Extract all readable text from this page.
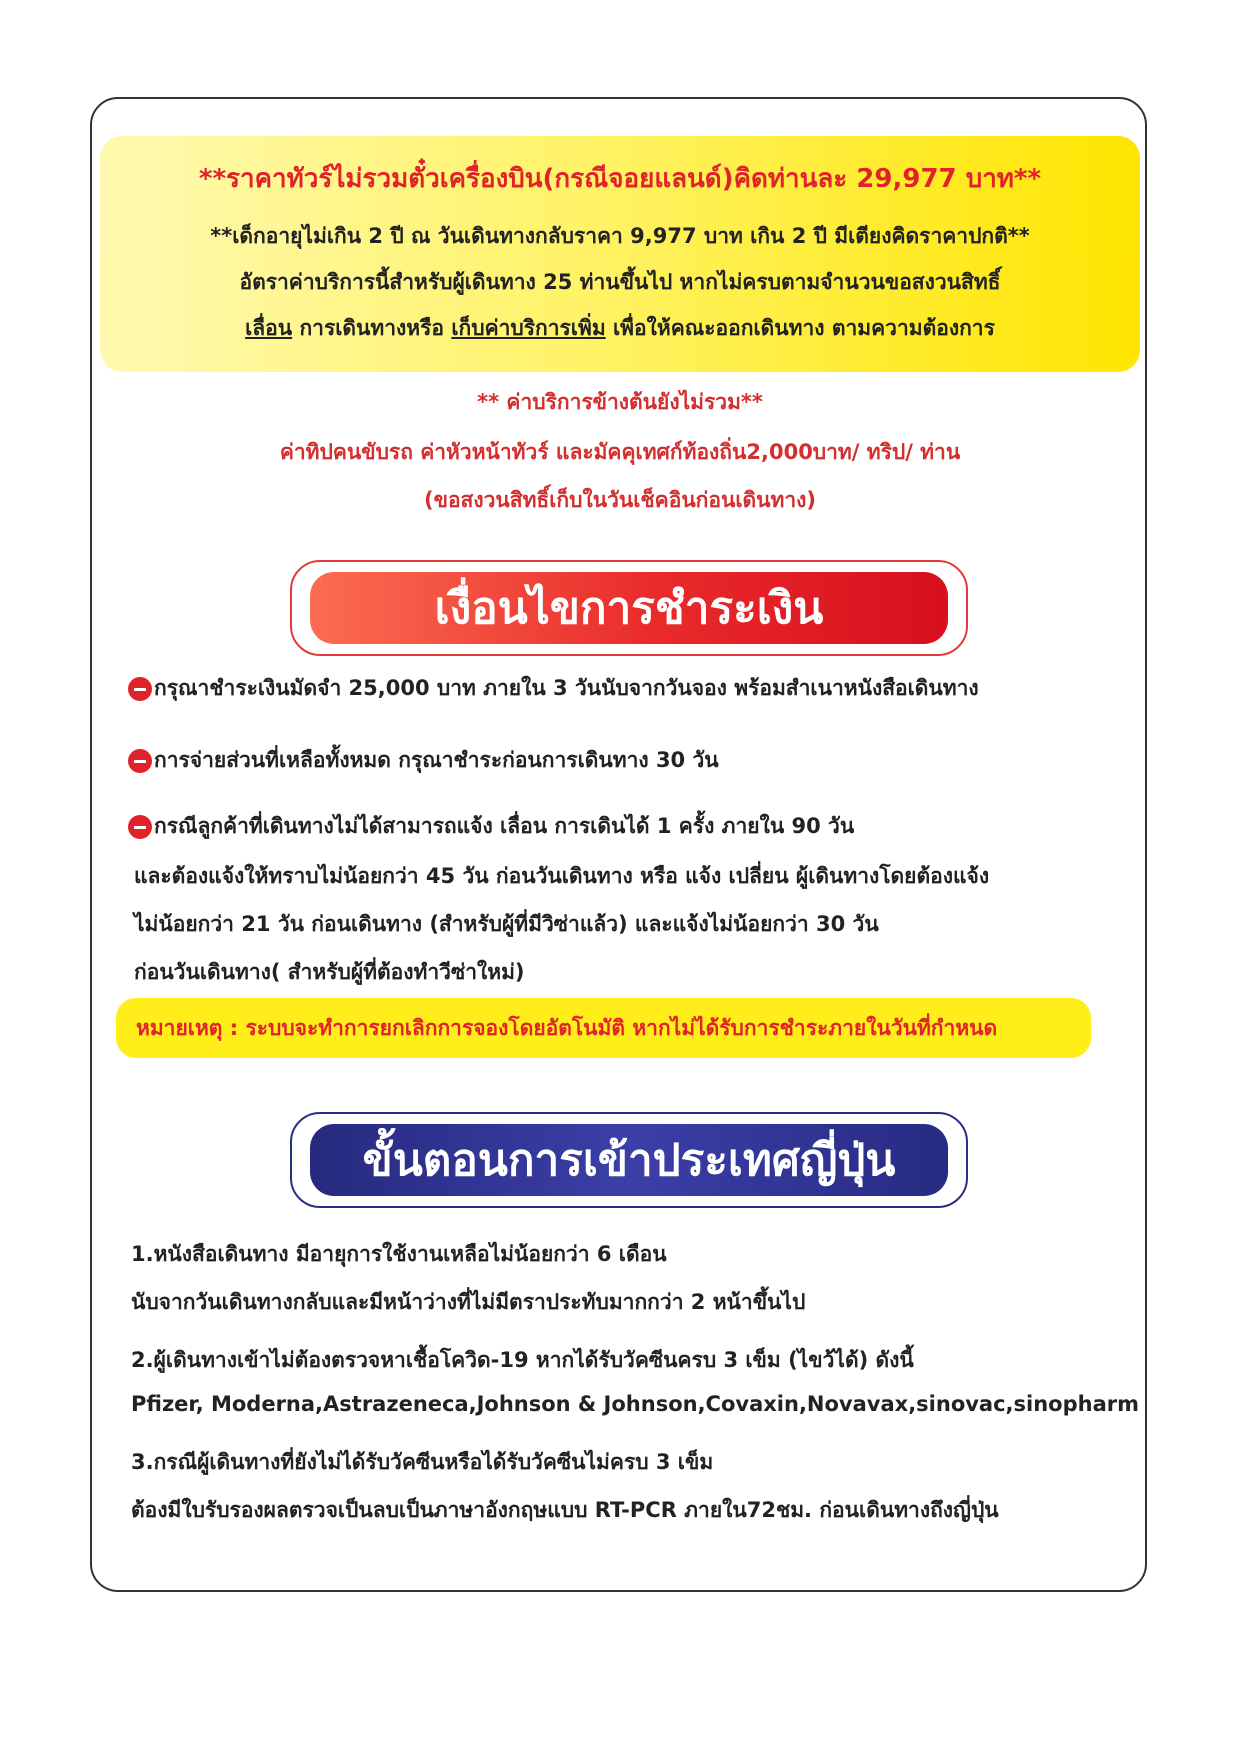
**ราคาทัวร์ไม่รวมตั๋วเครื่องบิน(กรณีจอยแลนด์)คิดท่านละ 29,977 บาท**
**เด็กอายุไม่เกิน 2 ปี ณ วันเดินทางกลับราคา 9,977 บาท เกิน 2 ปี มีเตียงคิดราคาปกติ**
อัตราค่าบริการนี้สำหรับผู้เดินทาง 25 ท่านขึ้นไป หากไม่ครบตามจำนวนขอสงวนสิทธิ์
เลื่อน การเดินทางหรือ เก็บค่าบริการเพิ่ม เพื่อให้คณะออกเดินทาง ตามความต้องการ
** ค่าบริการข้างต้นยังไม่รวม**
ค่าทิปคนขับรถ ค่าหัวหน้าทัวร์ และมัคคุเทศก์ท้องถิ่น2,000บาท/ ทริป/ ท่าน
(ขอสงวนสิทธิ์เก็บในวันเช็คอินก่อนเดินทาง)
เงื่อนไขการชำระเงิน
กรุณาชำระเงินมัดจำ 25,000 บาท ภายใน 3 วันนับจากวันจอง พร้อมสำเนาหนังสือเดินทาง
การจ่ายส่วนที่เหลือทั้งหมด กรุณาชำระก่อนการเดินทาง 30 วัน
กรณีลูกค้าที่เดินทางไม่ได้สามารถแจ้ง เลื่อน การเดินได้ 1 ครั้ง ภายใน 90 วัน
และต้องแจ้งให้ทราบไม่น้อยกว่า 45 วัน ก่อนวันเดินทาง หรือ แจ้ง เปลี่ยน ผู้เดินทางโดยต้องแจ้ง
ไม่น้อยกว่า 21 วัน ก่อนเดินทาง (สำหรับผู้ที่มีวิซ่าแล้ว) และแจ้งไม่น้อยกว่า 30 วัน
ก่อนวันเดินทาง( สำหรับผู้ที่ต้องทำวีซ่าใหม่)
หมายเหตุ : ระบบจะทำการยกเลิกการจองโดยอัตโนมัติ หากไม่ได้รับการชำระภายในวันที่กำหนด
ขั้นตอนการเข้าประเทศญี่ปุ่น
1.หนังสือเดินทาง มีอายุการใช้งานเหลือไม่น้อยกว่า 6 เดือน
นับจากวันเดินทางกลับและมีหน้าว่างที่ไม่มีตราประทับมากกว่า 2 หน้าขึ้นไป
2.ผู้เดินทางเข้าไม่ต้องตรวจหาเชื้อโควิด-19 หากได้รับวัคซีนครบ 3 เข็ม (ไขว้ได้) ดังนี้
Pfizer, Moderna,Astrazeneca,Johnson & Johnson,Covaxin,Novavax,sinovac,sinopharm
3.กรณีผู้เดินทางที่ยังไม่ได้รับวัคซีนหรือได้รับวัคซีนไม่ครบ 3 เข็ม
ต้องมีใบรับรองผลตรวจเป็นลบเป็นภาษาอังกฤษแบบ RT-PCR ภายใน72ชม. ก่อนเดินทางถึงญี่ปุ่น
